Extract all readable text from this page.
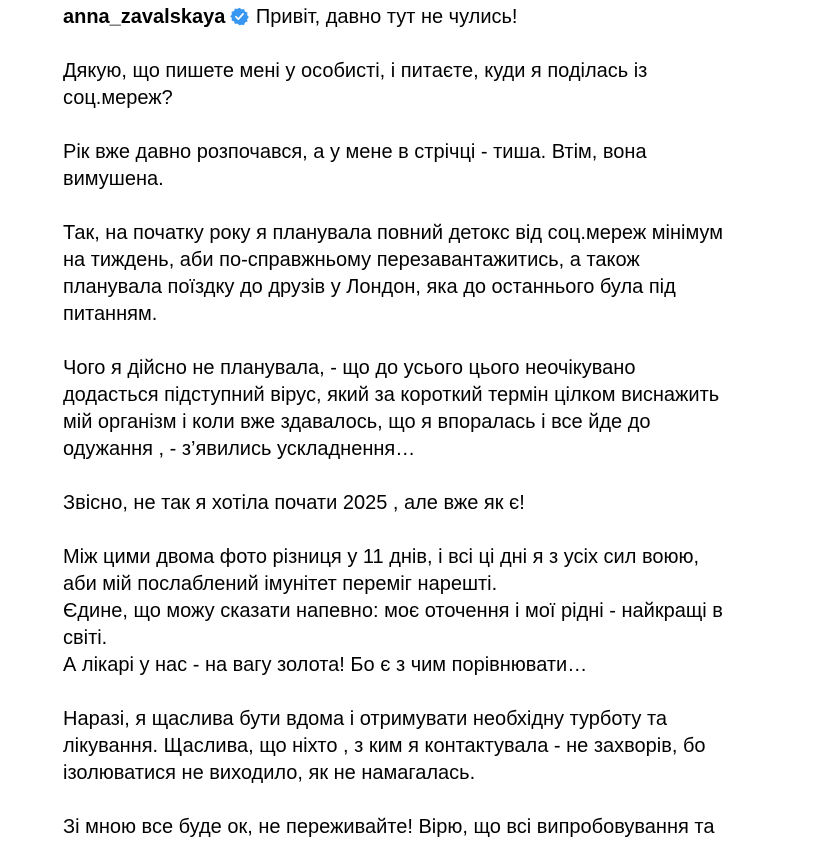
anna_zavalskaya Привіт, давно тут не чулись!
Дякую, що пишете мені у особисті, і питаєте, куди я поділась із
соц.мереж?
Рік вже давно розпочався, а у мене в стрічці - тиша. Втім, вона
вимушена.
Так, на початку року я планувала повний детокс від соц.мереж мінімум
на тиждень, аби по-справжньому перезавантажитись, а також
планувала поїздку до друзів у Лондон, яка до останнього була під
питанням.
Чого я дійсно не планувала, - що до усього цього неочікувано
додасться підступний вірус, який за короткий термін цілком виснажить
мій організм і коли вже здавалось, що я впоралась і все йде до
одужання , - з’явились ускладнення…
Звісно, не так я хотіла почати 2025 , але вже як є!
Між цими двома фото різниця у 11 днів, і всі ці дні я з усіх сил воюю,
аби мій послаблений імунітет переміг нарешті.
Єдине, що можу сказати напевно: моє оточення і мої рідні - найкращі в
світі.
А лікарі у нас - на вагу золота! Бо є з чим порівнювати…
Наразі, я щаслива бути вдома і отримувати необхідну турботу та
лікування. Щаслива, що ніхто , з ким я контактувала - не захворів, бо
ізолюватися не виходило, як не намагалась.
Зі мною все буде ок, не переживайте! Вірю, що всі випробовування та
